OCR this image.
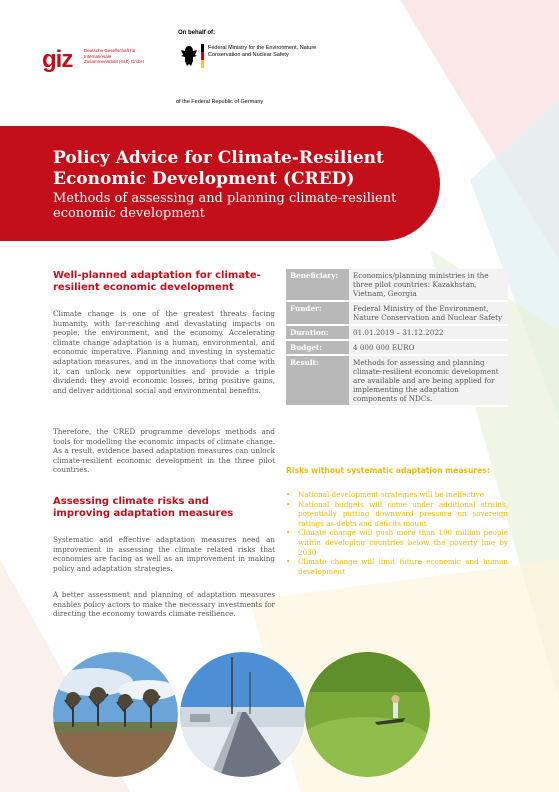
giz	Deutsche Gesellschaft für Internationale Zusammenarbeit (GIZ) GmbH
On behalf of:
Federal Ministry for the Environment, Nature Conservation and Nuclear Safety
of the Federal Republic of Germany
Policy Advice for Climate-Resilient Economic Development (CRED)
Methods of assessing and planning climate-resilient economic development
Well-planned adaptation for climate-resilient economic development

Climate change is one of the greatest threats facing humanity, with far-reaching and devastating impacts on people, the environment, and the economy. Accelerating climate change adaptation is a human, environmental, and economic imperative. Planning and investing in systematic adaptation measures, and in the innovations that come with it, can unlock new opportunities and provide a triple dividend: they avoid economic losses, bring positive gains, and deliver additional social and environmental benefits.

Therefore, the CRED programme develops methods and tools for modelling the economic impacts of climate change. As a result, evidence based adaptation measures can unlock climate-resilient economic development in the three pilot countries.

Assessing climate risks and improving adaptation measures

Systematic and effective adaptation measures need an improvement in assessing the climate related risks that economies are facing as well as an improvement in making policy and adaptation strategies.

A better assessment and planning of adaptation measures enables policy actors to make the necessary investments for directing the economy towards climate resilience.

Beneficiary:	Economics/planning ministries in the three pilot countries: Kazakhstan, Vietnam, Georgia
Funder:	Federal Ministry of the Environment, Nature Conservation and Nuclear Safety
Duration:	01.01.2019 – 31.12.2022
Budget:	4 000 000 EURO
Result:	Methods for assessing and planning climate-resilient economic development are available and are being applied for implementing the adaptation components of NDCs.
Risks without systematic adaptation measures:
• National development strategies will be ineffective
• National budgets will come under additional strains, potentially putting downward pressure on sovereign ratings as debts and deficits mount
• Climate change will push more than 100 million people within developing countries below the poverty line by 2030
• Climate change will limit future economic and human development
